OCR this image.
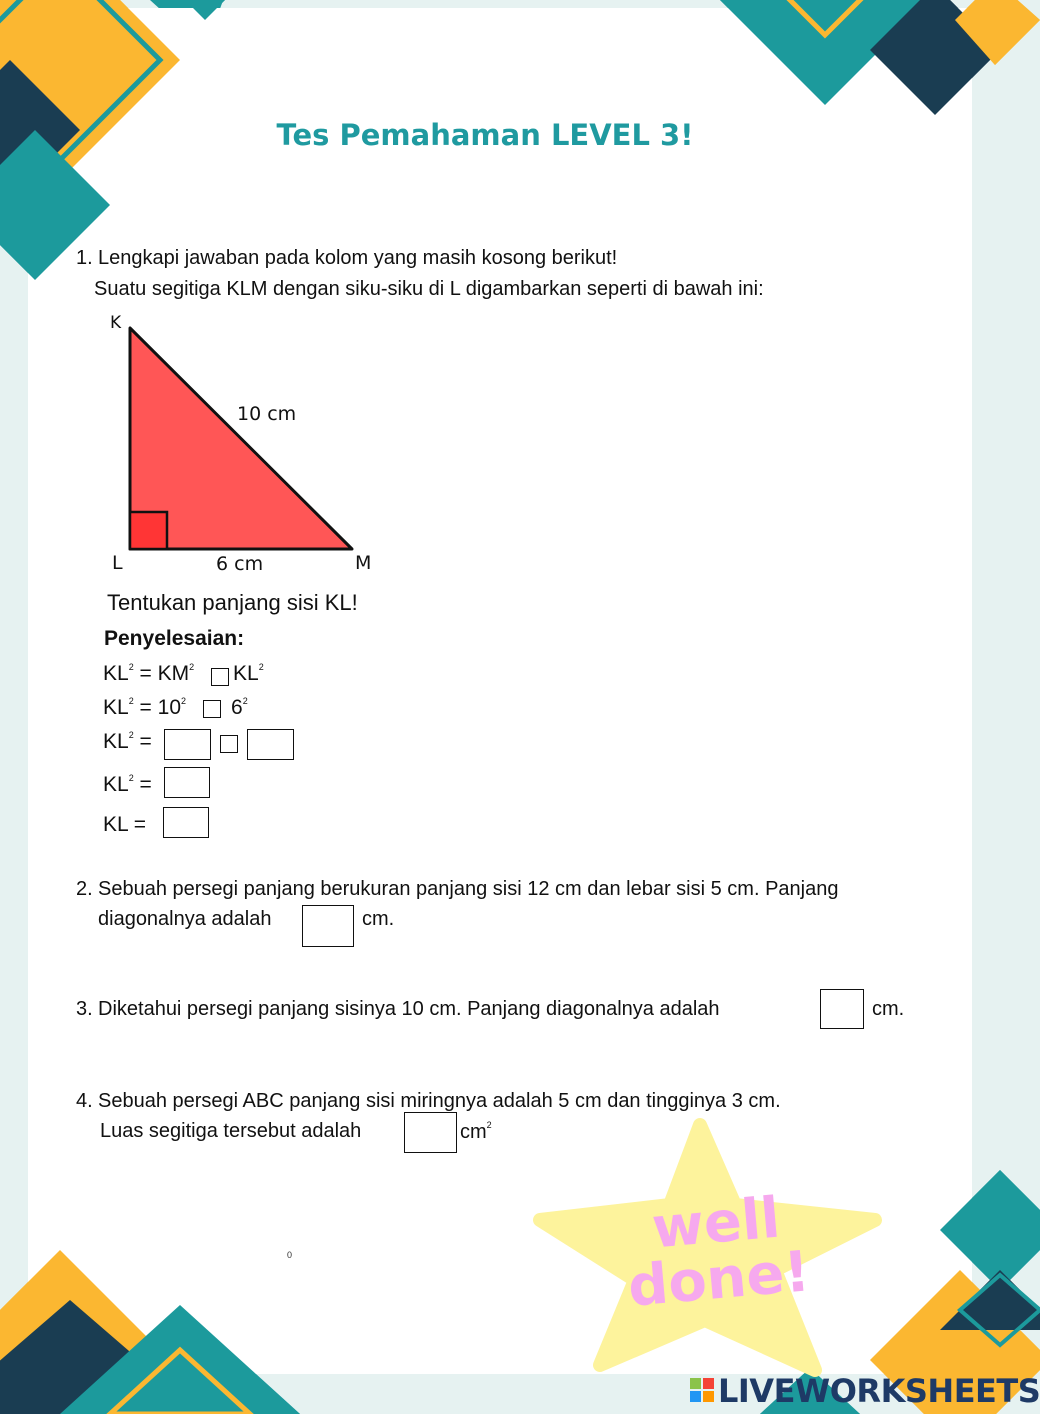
Tes Pemahaman LEVEL 3!
1. Lengkapi jawaban pada kolom yang masih kosong berikut!
Suatu segitiga KLM dengan siku-siku di L digambarkan seperti di bawah ini:
K
L	M
10 cm
6 cm
Tentukan panjang sisi KL!
Penyelesaian:
$KL^2 = KM^2$ $KL^2$
$KL^2 = 10^2$ $6^2$
$KL^2$ =
$KL^2$ =
KL =
2. Sebuah persegi panjang berukuran panjang sisi 12 cm dan lebar sisi 5 cm. Panjang
diagonalnya adalah	cm.
3. Diketahui persegi panjang sisinya 10 cm. Panjang diagonalnya adalah	cm.
4. Sebuah persegi ABC panjang sisi miringnya adalah 5 cm dan tingginya 3 cm.
Luas segitiga tersebut adalah	$cm^2$
well
done!
0
LIVEWORKSHEETS
